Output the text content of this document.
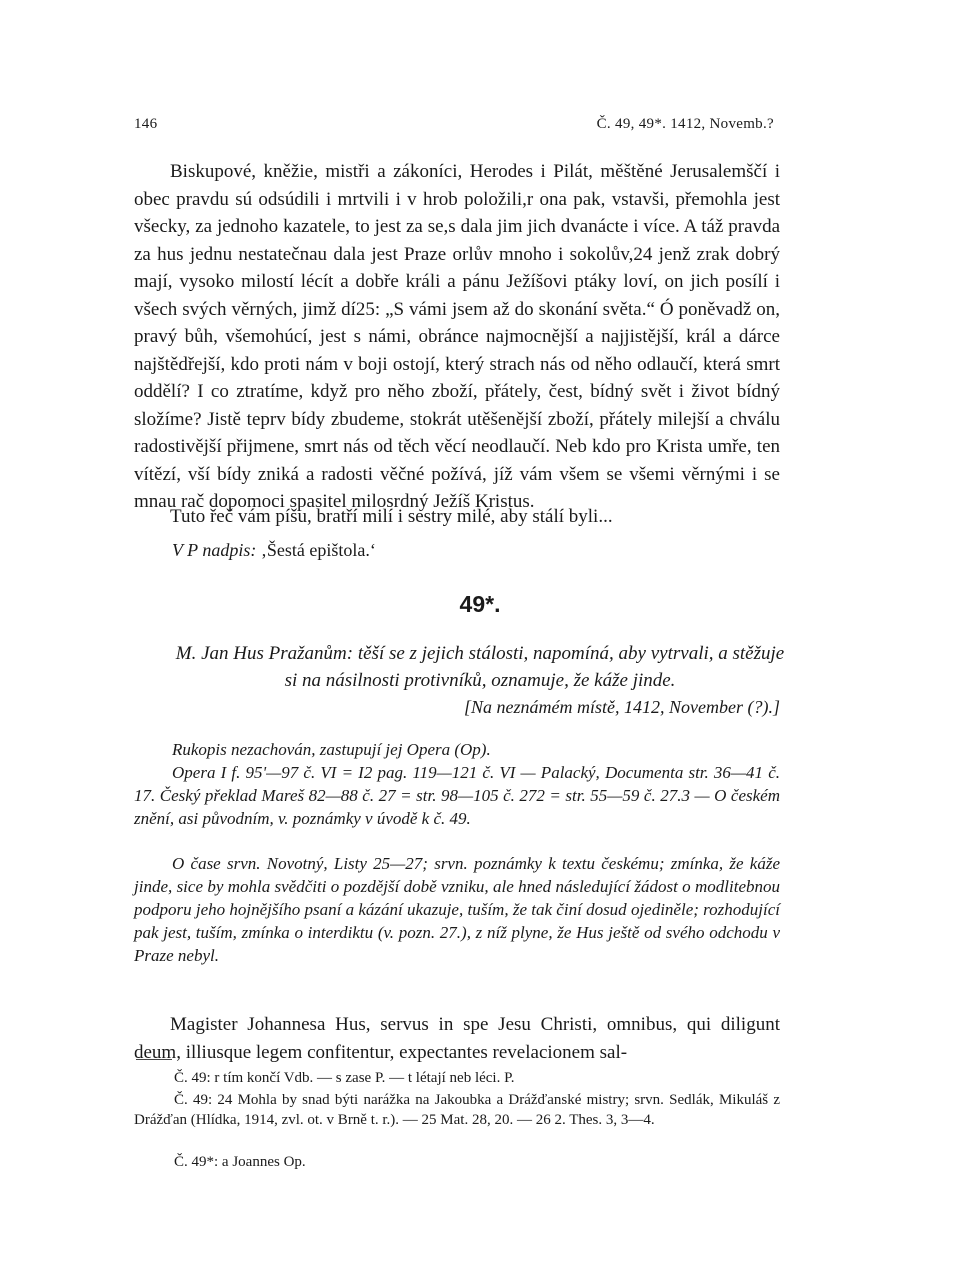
146	Č. 49, 49*. 1412, Novemb.?

Biskupové, kněžie, mistři a zákoníci, Herodes i Pilát, měštěné Jerusalemščí i obec pravdu sú odsúdili i mrtvili i v hrob položili,r ona pak, vstavši, přemohla jest všecky, za jednoho kazatele, to jest za se,s dala jim jich dvanácte i více. A táž pravda za hus jednu nestatečnau dala jest Praze orlův mnoho i sokolův,24 jenž zrak dobrý mají, vysoko milostí lécít a dobře králi a pánu Ježíšovi ptáky loví, on jich posílí i všech svých věrných, jimž dí25: „S vámi jsem až do skonání světa.“ Ó poněvadž on, pravý bůh, všemohúcí, jest s námi, obránce najmocnější a najjistější, král a dárce najštědřejší, kdo proti nám v boji ostojí, který strach nás od něho odlaučí, která smrt oddělí? I co ztratíme, když pro něho zboží, přátely, čest, bídný svět i život bídný složíme? Jistě teprv bídy zbudeme, stokrát utěšenější zboží, přátely milejší a chválu radostivější přijmene, smrt nás od těch věcí neodlaučí. Neb kdo pro Krista umře, ten vítězí, vší bídy zniká a radosti věčné požívá, jíž vám všem se všemi věrnými i se mnau rač dopomoci spasitel milosrdný Ježíš Kristus.

Tuto řeč vám píšu, bratří milí i sestry milé, aby stálí byli...

V P nadpis: ‚Šestá epištola.‘
49*.
M. Jan Hus Pražanům: těší se z jejich stálosti, napomíná, aby vytrvali, a stěžuje si na násilnosti protivníků, oznamuje, že káže jinde.
[Na neznámém místě, 1412, November (?).]

Rukopis nezachován, zastupují jej Opera (Op).

Opera I f. 95'—97 č. VI = I2 pag. 119—121 č. VI — Palacký, Documenta str. 36—41 č. 17. Český překlad Mareš 82—88 č. 27 = str. 98—105 č. 272 = str. 55—59 č. 27.3 — O českém znění, asi původním, v. poznámky v úvodě k č. 49.

O čase srvn. Novotný, Listy 25—27; srvn. poznámky k textu českému; zmínka, že káže jinde, sice by mohla svědčiti o pozdější době vzniku, ale hned následující žádost o modlitebnou podporu jeho hojnějšího psaní a kázání ukazuje, tuším, že tak činí dosud ojediněle; rozhodující pak jest, tuším, zmínka o interdiktu (v. pozn. 27.), z níž plyne, že Hus ještě od svého odchodu v Praze nebyl.

Magister Johannesa Hus, servus in spe Jesu Christi, omnibus, qui diligunt deum, illiusque legem confitentur, expectantes revelacionem sal-

Č. 49: r tím končí Vdb. — s zase P. — t létají neb léci. P.

Č. 49: 24 Mohla by snad býti narážka na Jakoubka a Drážďanské mistry; srvn. Sedlák, Mikuláš z Drážďan (Hlídka, 1914, zvl. ot. v Brně t. r.). — 25 Mat. 28, 20. — 26 2. Thes. 3, 3—4.

Č. 49*: a Joannes Op.
